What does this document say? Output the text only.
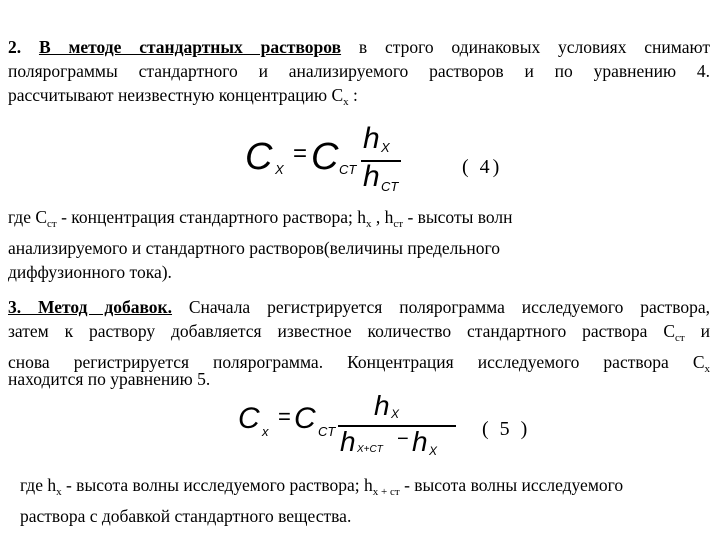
2. В методе стандартных растворов в строго одинаковых условиях снимают
полярограммы стандартного и анализируемого растворов и по уравнению 4.
рассчитывают неизвестную концентрацию $С_х$ :
C X
= C CT
h X
h CT
( 4)
где $С_{ст}$ - концентрация стандартного раствора; $h_х$ , $h_{ст}$ - высоты волн
анализируемого и стандартного растворов(величины предельного
диффузионного тока).
3. Метод добавок. Сначала регистрируется полярограмма исследуемого раствора,
затем к раствору добавляется известное количество стандартного раствора $С_{ст}$ и
снова регистрируется полярограмма. Концентрация исследуемого раствора $С_х$
находится по уравнению 5.
C x
= C CT
h X
h X+CT − h X
( 5 )
где $h_х$ - высота волны исследуемого раствора; $h_{х + ст}$ - высота волны исследуемого
раствора с добавкой стандартного вещества.
